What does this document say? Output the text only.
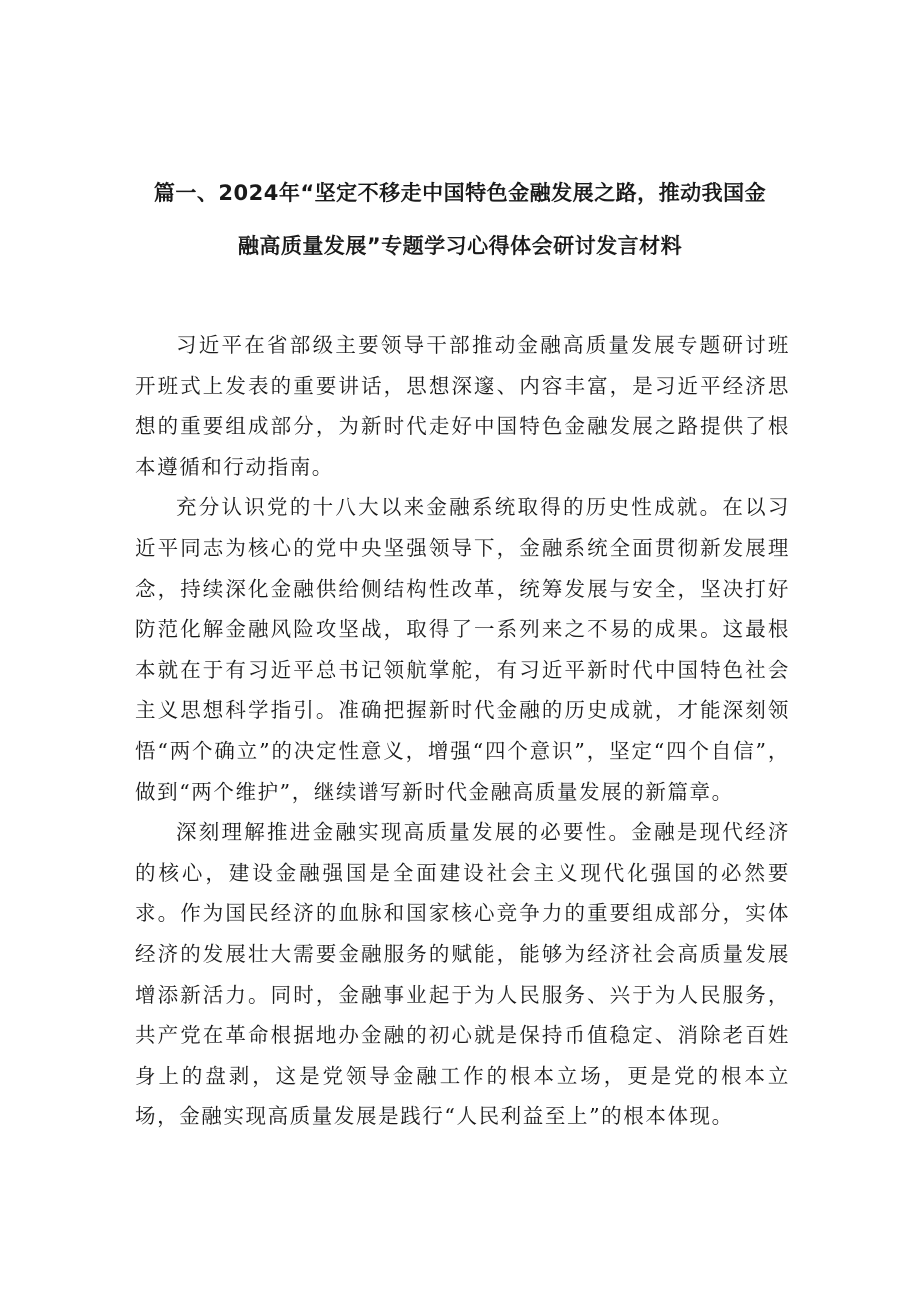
篇一、2024年“坚定不移走中国特色金融发展之路，推动我国金
融高质量发展”专题学习心得体会研讨发言材料

习近平在省部级主要领导干部推动金融高质量发展专题研讨班开班式上发表的重要讲话，思想深邃、内容丰富，是习近平经济思想的重要组成部分，为新时代走好中国特色金融发展之路提供了根本遵循和行动指南。

充分认识党的十八大以来金融系统取得的历史性成就。在以习近平同志为核心的党中央坚强领导下，金融系统全面贯彻新发展理念，持续深化金融供给侧结构性改革，统筹发展与安全，坚决打好防范化解金融风险攻坚战，取得了一系列来之不易的成果。这最根本就在于有习近平总书记领航掌舵，有习近平新时代中国特色社会主义思想科学指引。准确把握新时代金融的历史成就，才能深刻领悟“两个确立”的决定性意义，增强“四个意识”，坚定“四个自信”，做到“两个维护”，继续谱写新时代金融高质量发展的新篇章。

深刻理解推进金融实现高质量发展的必要性。金融是现代经济的核心，建设金融强国是全面建设社会主义现代化强国的必然要求。作为国民经济的血脉和国家核心竞争力的重要组成部分，实体经济的发展壮大需要金融服务的赋能，能够为经济社会高质量发展增添新活力。同时，金融事业起于为人民服务、兴于为人民服务，共产党在革命根据地办金融的初心就是保持币值稳定、消除老百姓身上的盘剥，这是党领导金融工作的根本立场，更是党的根本立场，金融实现高质量发展是践行“人民利益至上”的根本体现。
